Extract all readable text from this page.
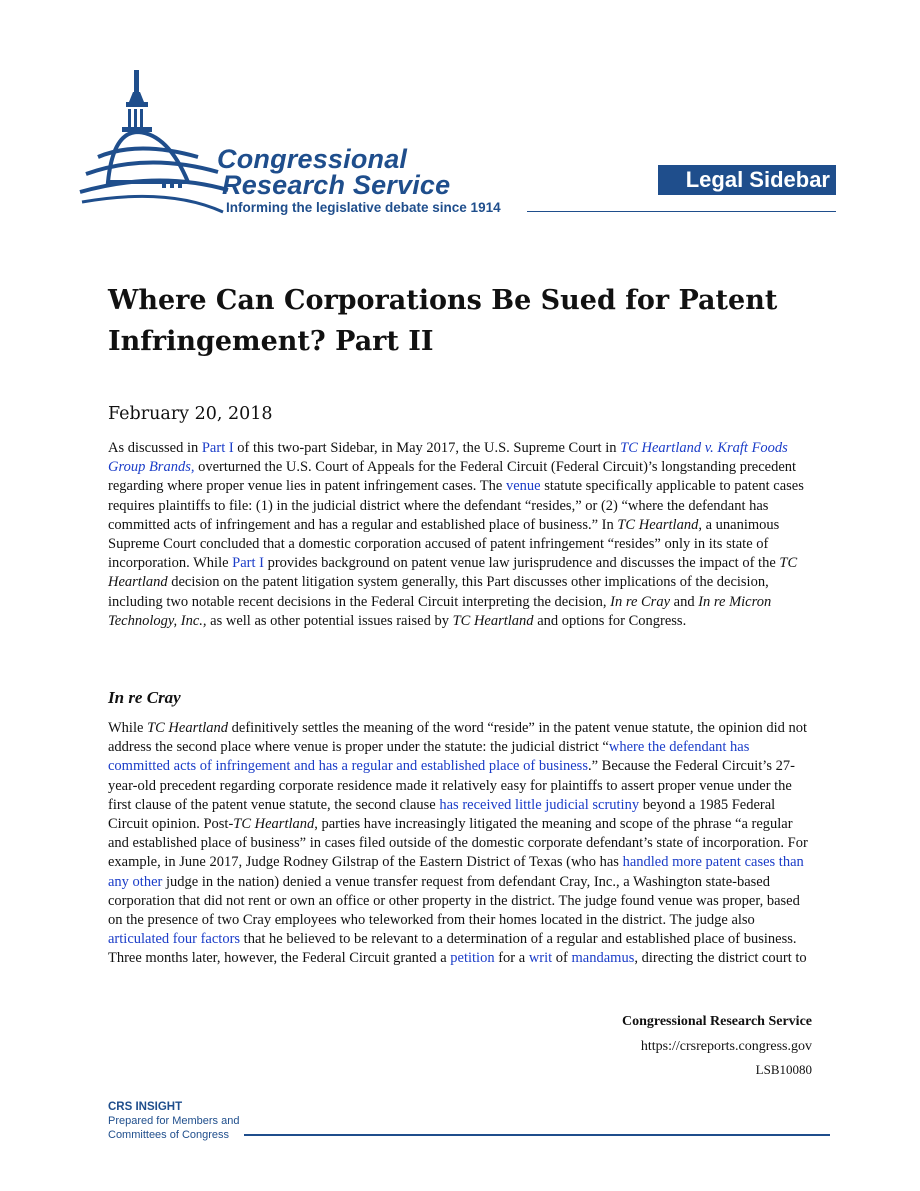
Congressional
Research Service
Informing the legislative debate since 1914
Legal Sidebar
Where Can Corporations Be Sued for Patent Infringement? Part II
February 20, 2018
As discussed in Part I of this two-part Sidebar, in May 2017, the U.S. Supreme Court in TC Heartland v. Kraft Foods Group Brands, overturned the U.S. Court of Appeals for the Federal Circuit (Federal Circuit)’s longstanding precedent regarding where proper venue lies in patent infringement cases. The venue statute specifically applicable to patent cases requires plaintiffs to file: (1) in the judicial district where the defendant “resides,” or (2) “where the defendant has committed acts of infringement and has a regular and established place of business.” In TC Heartland, a unanimous Supreme Court concluded that a domestic corporation accused of patent infringement “resides” only in its state of incorporation. While Part I provides background on patent venue law jurisprudence and discusses the impact of the TC Heartland decision on the patent litigation system generally, this Part discusses other implications of the decision, including two notable recent decisions in the Federal Circuit interpreting the decision, In re Cray and In re Micron Technology, Inc., as well as other potential issues raised by TC Heartland and options for Congress.
In re Cray
While TC Heartland definitively settles the meaning of the word “reside” in the patent venue statute, the opinion did not address the second place where venue is proper under the statute: the judicial district “where the defendant has committed acts of infringement and has a regular and established place of business.” Because the Federal Circuit’s 27-year-old precedent regarding corporate residence made it relatively easy for plaintiffs to assert proper venue under the first clause of the patent venue statute, the second clause has received little judicial scrutiny beyond a 1985 Federal Circuit opinion. Post-TC Heartland, parties have increasingly litigated the meaning and scope of the phrase “a regular and established place of business” in cases filed outside of the domestic corporate defendant’s state of incorporation. For example, in June 2017, Judge Rodney Gilstrap of the Eastern District of Texas (who has handled more patent cases than any other judge in the nation) denied a venue transfer request from defendant Cray, Inc., a Washington state-based corporation that did not rent or own an office or other property in the district. The judge found venue was proper, based on the presence of two Cray employees who teleworked from their homes located in the district. The judge also articulated four factors that he believed to be relevant to a determination of a regular and established place of business. Three months later, however, the Federal Circuit granted a petition for a writ of mandamus, directing the district court to
Congressional Research Service
https://crsreports.congress.gov
LSB10080
CRS INSIGHT
Prepared for Members and
Committees of Congress
